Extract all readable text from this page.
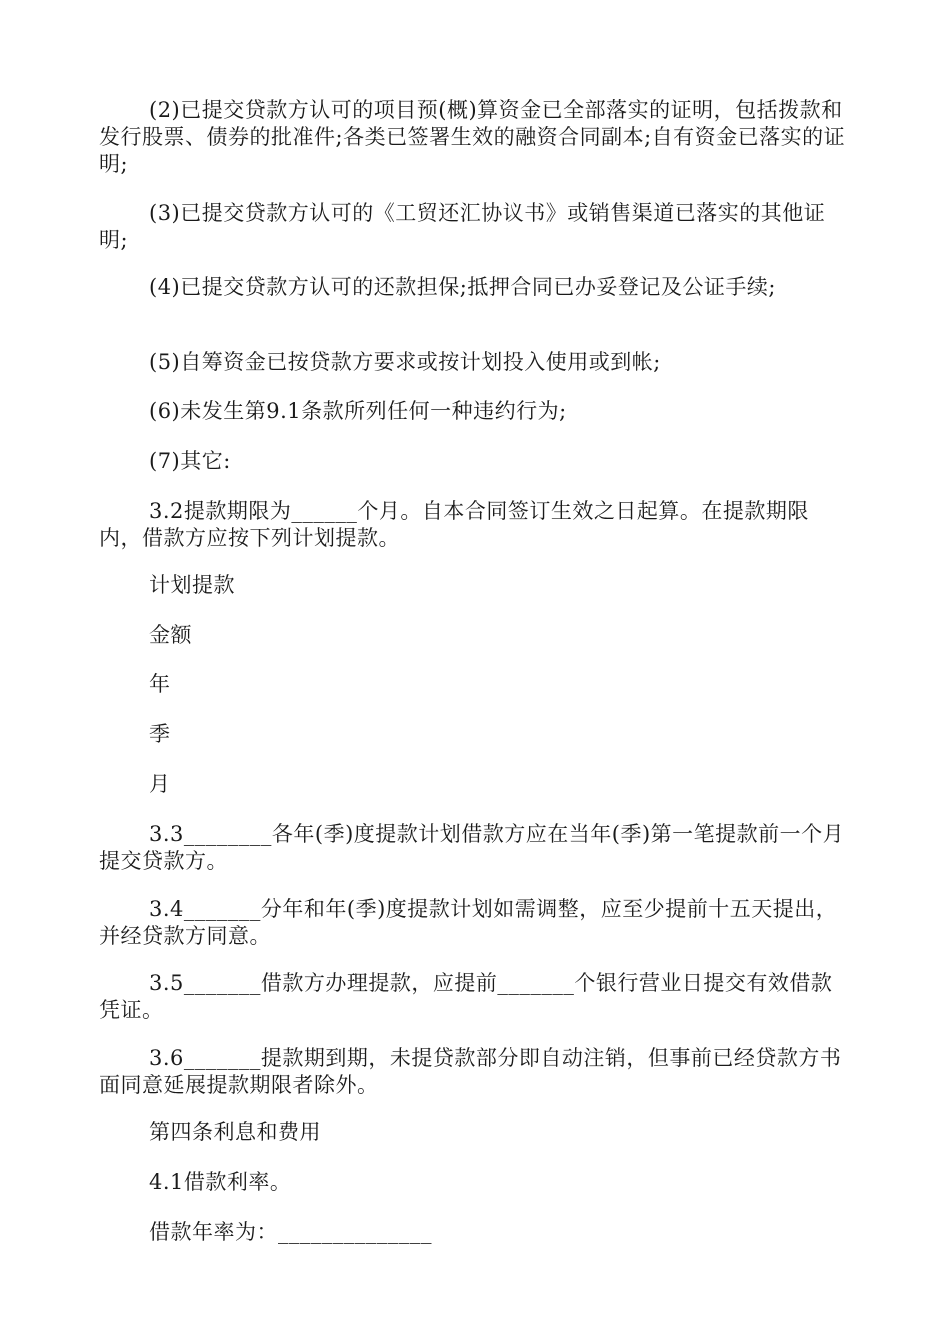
(2)已提交贷款方认可的项目预(概)算资金已全部落实的证明，包括拨款和发行股票、债券的批准件;各类已签署生效的融资合同副本;自有资金已落实的证明;
(3)已提交贷款方认可的《工贸还汇协议书》或销售渠道已落实的其他证明;
(4)已提交贷款方认可的还款担保;抵押合同已办妥登记及公证手续;
(5)自筹资金已按贷款方要求或按计划投入使用或到帐;
(6)未发生第9.1条款所列任何一种违约行为;
(7)其它:
3.2提款期限为______个月。自本合同签订生效之日起算。在提款期限内，借款方应按下列计划提款。
计划提款
金额
年
季
月
3.3________各年(季)度提款计划借款方应在当年(季)第一笔提款前一个月提交贷款方。
3.4_______分年和年(季)度提款计划如需调整，应至少提前十五天提出，并经贷款方同意。
3.5_______借款方办理提款，应提前_______个银行营业日提交有效借款凭证。
3.6_______提款期到期，未提贷款部分即自动注销，但事前已经贷款方书面同意延展提款期限者除外。
第四条利息和费用
4.1借款利率。
借款年率为：______________
